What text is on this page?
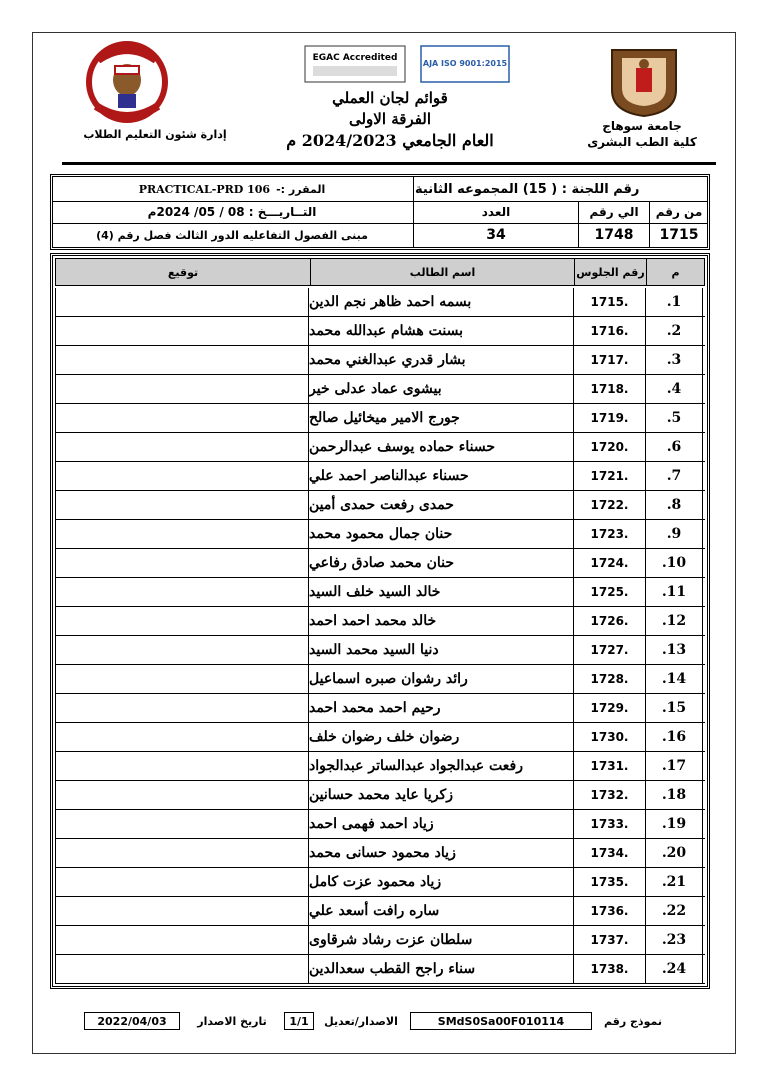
EGAC Accredited
AJA ISO 9001:2015
إدارة شئون التعليم الطلاب
جامعة سوهاج
كلية الطب البشرى
قوائم لجان العملي
الفرقة الاولى
العام الجامعي 2024/2023 م
رقم اللجنة : ( 15) المجموعه الثانية
PRACTICAL-PRD 106 المقرر :-
التــاريـــخ : 08 / 05/ 2024م	العدد	الي رقم	من رقم
مبنى الفصول التفاعليه الدور الثالث فصل رقم (4)	34	1748	1715
توقيع	اسم الطالب	رقم الجلوس	م
بسمه احمد ظاهر نجم الدين	1715.	.1
بسنت هشام عبدالله محمد	1716.	.2
بشار قدري عبدالغني محمد	1717.	.3
بيشوى عماد عدلى خير	1718.	.4
جورج الامير ميخائيل صالح	1719.	.5
حسناء حماده يوسف عبدالرحمن	1720.	.6
حسناء عبدالناصر احمد علي	1721.	.7
حمدى رفعت حمدى أمين	1722.	.8
حنان جمال محمود محمد	1723.	.9
حنان محمد صادق رفاعي	1724.	.10
خالد السيد خلف السيد	1725.	.11
خالد محمد احمد احمد	1726.	.12
دنيا السيد محمد السيد	1727.	.13
رائد رشوان صبره اسماعيل	1728.	.14
رحيم احمد محمد احمد	1729.	.15
رضوان خلف رضوان خلف	1730.	.16
رفعت عبدالجواد عبدالساتر عبدالجواد	1731.	.17
زكريا عايد محمد حسانين	1732.	.18
زياد احمد فهمى احمد	1733.	.19
زياد محمود حسانى محمد	1734.	.20
زياد محمود عزت كامل	1735.	.21
ساره رافت أسعد علي	1736.	.22
سلطان عزت رشاد شرقاوى	1737.	.23
سناء راجح القطب سعدالدين	1738.	.24
نموذج رقم
SMdS0Sa00F010114
الاصدار/تعديل
1/1
تاريخ الاصدار
2022/04/03
